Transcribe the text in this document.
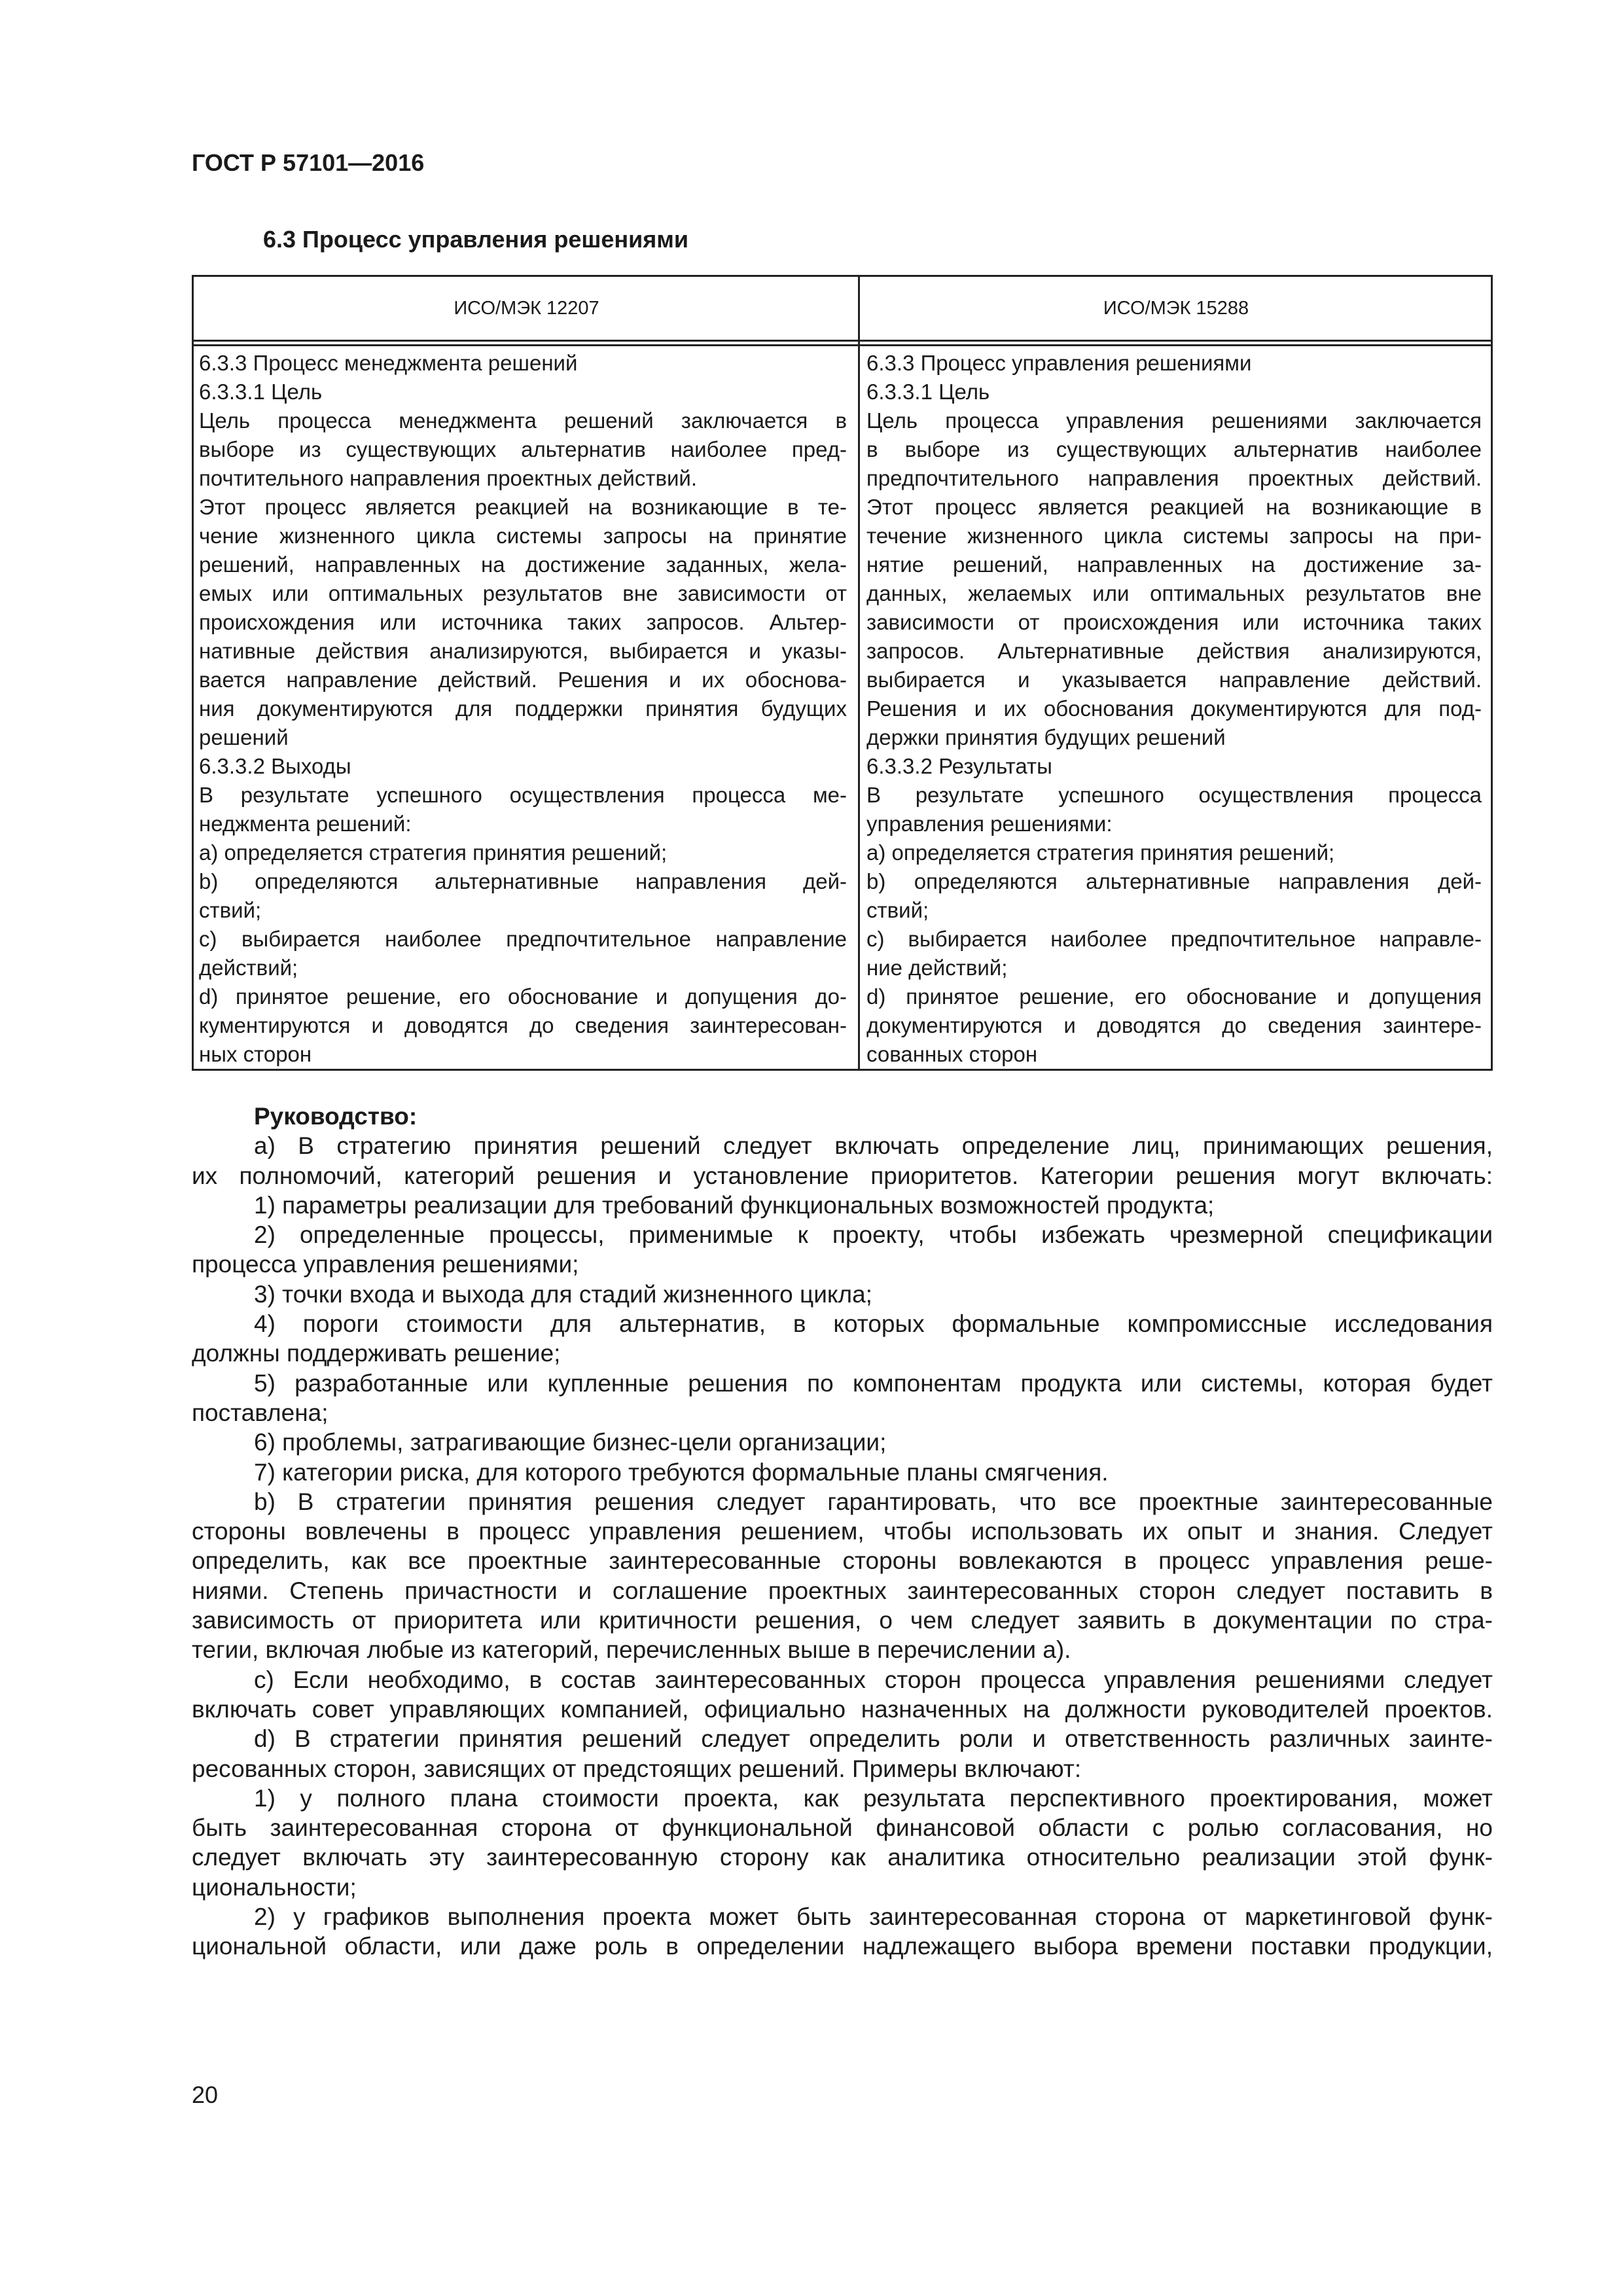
ГОСТ Р 57101—2016

6.3 Процесс управления решениями

ИСО/МЭК 12207	ИСО/МЭК 15288
6.3.3 Процесс менеджмента решений
6.3.3.1 Цель
Цель процесса менеджмента решений заключается в
выборе из существующих альтернатив наиболее пред-
почтительного направления проектных действий.
Этот процесс является реакцией на возникающие в те-
чение жизненного цикла системы запросы на принятие
решений, направленных на достижение заданных, жела-
емых или оптимальных результатов вне зависимости от
происхождения или источника таких запросов. Альтер-
нативные действия анализируются, выбирается и указы-
вается направление действий. Решения и их обоснова-
ния документируются для поддержки принятия будущих
решений
6.3.3.2 Выходы
В результате успешного осуществления процесса ме-
неджмента решений:
a) определяется стратегия принятия решений;
b) определяются альтернативные направления дей-
ствий;
c) выбирается наиболее предпочтительное направление
действий;
d) принятое решение, его обоснование и допущения до-
кументируются и доводятся до сведения заинтересован-
ных сторон
6.3.3 Процесс управления решениями
6.3.3.1 Цель
Цель процесса управления решениями заключается
в выборе из существующих альтернатив наиболее
предпочтительного направления проектных действий.
Этот процесс является реакцией на возникающие в
течение жизненного цикла системы запросы на при-
нятие решений, направленных на достижение за-
данных, желаемых или оптимальных результатов вне
зависимости от происхождения или источника таких
запросов. Альтернативные действия анализируются,
выбирается и указывается направление действий.
Решения и их обоснования документируются для под-
держки принятия будущих решений
6.3.3.2 Результаты
В результате успешного осуществления процесса
управления решениями:
a) определяется стратегия принятия решений;
b) определяются альтернативные направления дей-
ствий;
c) выбирается наиболее предпочтительное направле-
ние действий;
d) принятое решение, его обоснование и допущения
документируются и доводятся до сведения заинтере-
сованных сторон
Руководство:
a) В стратегию принятия решений следует включать определение лиц, принимающих решения,
их полномочий, категорий решения и установление приоритетов. Категории решения могут включать:
1) параметры реализации для требований функциональных возможностей продукта;
2) определенные процессы, применимые к проекту, чтобы избежать чрезмерной спецификации
процесса управления решениями;
3) точки входа и выхода для стадий жизненного цикла;
4) пороги стоимости для альтернатив, в которых формальные компромиссные исследования
должны поддерживать решение;
5) разработанные или купленные решения по компонентам продукта или системы, которая будет
поставлена;
6) проблемы, затрагивающие бизнес-цели организации;
7) категории риска, для которого требуются формальные планы смягчения.
b) В стратегии принятия решения следует гарантировать, что все проектные заинтересованные
стороны вовлечены в процесс управления решением, чтобы использовать их опыт и знания. Следует
определить, как все проектные заинтересованные стороны вовлекаются в процесс управления реше-
ниями. Степень причастности и соглашение проектных заинтересованных сторон следует поставить в
зависимость от приоритета или критичности решения, о чем следует заявить в документации по стра-
тегии, включая любые из категорий, перечисленных выше в перечислении а).
c) Если необходимо, в состав заинтересованных сторон процесса управления решениями следует
включать совет управляющих компанией, официально назначенных на должности руководителей проектов.
d) В стратегии принятия решений следует определить роли и ответственность различных заинте-
ресованных сторон, зависящих от предстоящих решений. Примеры включают:
1) у полного плана стоимости проекта, как результата перспективного проектирования, может
быть заинтересованная сторона от функциональной финансовой области с ролью согласования, но
следует включать эту заинтересованную сторону как аналитика относительно реализации этой функ-
циональности;
2) у графиков выполнения проекта может быть заинтересованная сторона от маркетинговой функ-
циональной области, или даже роль в определении надлежащего выбора времени поставки продукции,

20
